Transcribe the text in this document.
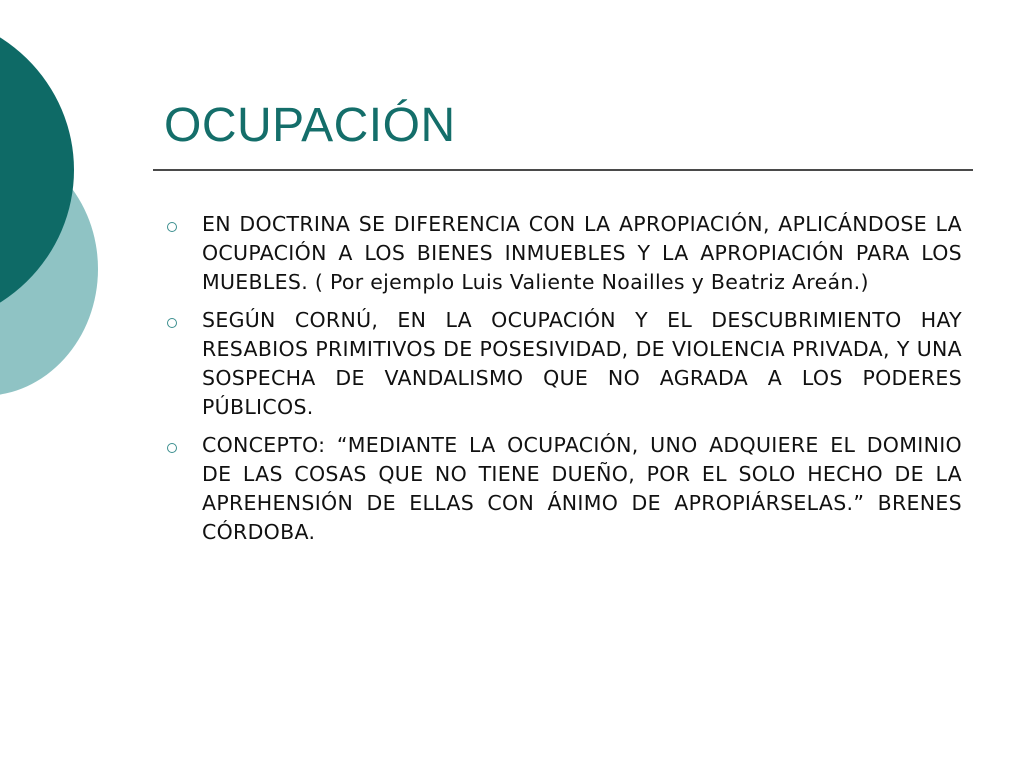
OCUPACIÓN
EN DOCTRINA SE DIFERENCIA CON LA APROPIACIÓN, APLICÁNDOSE LA OCUPACIÓN A LOS BIENES INMUEBLES Y LA APROPIACIÓN PARA LOS MUEBLES. ( Por ejemplo Luis Valiente Noailles y Beatriz Areán.)
SEGÚN CORNÚ, EN LA OCUPACIÓN Y EL DESCUBRIMIENTO HAY RESABIOS PRIMITIVOS DE POSESIVIDAD, DE VIOLENCIA PRIVADA, Y UNA SOSPECHA DE VANDALISMO QUE NO AGRADA A LOS PODERES PÚBLICOS.
CONCEPTO: “MEDIANTE LA OCUPACIÓN, UNO ADQUIERE EL DOMINIO DE LAS COSAS QUE NO TIENE DUEÑO, POR EL SOLO HECHO DE LA APREHENSIÓN DE ELLAS CON ÁNIMO DE APROPIÁRSELAS.” BRENES CÓRDOBA.
